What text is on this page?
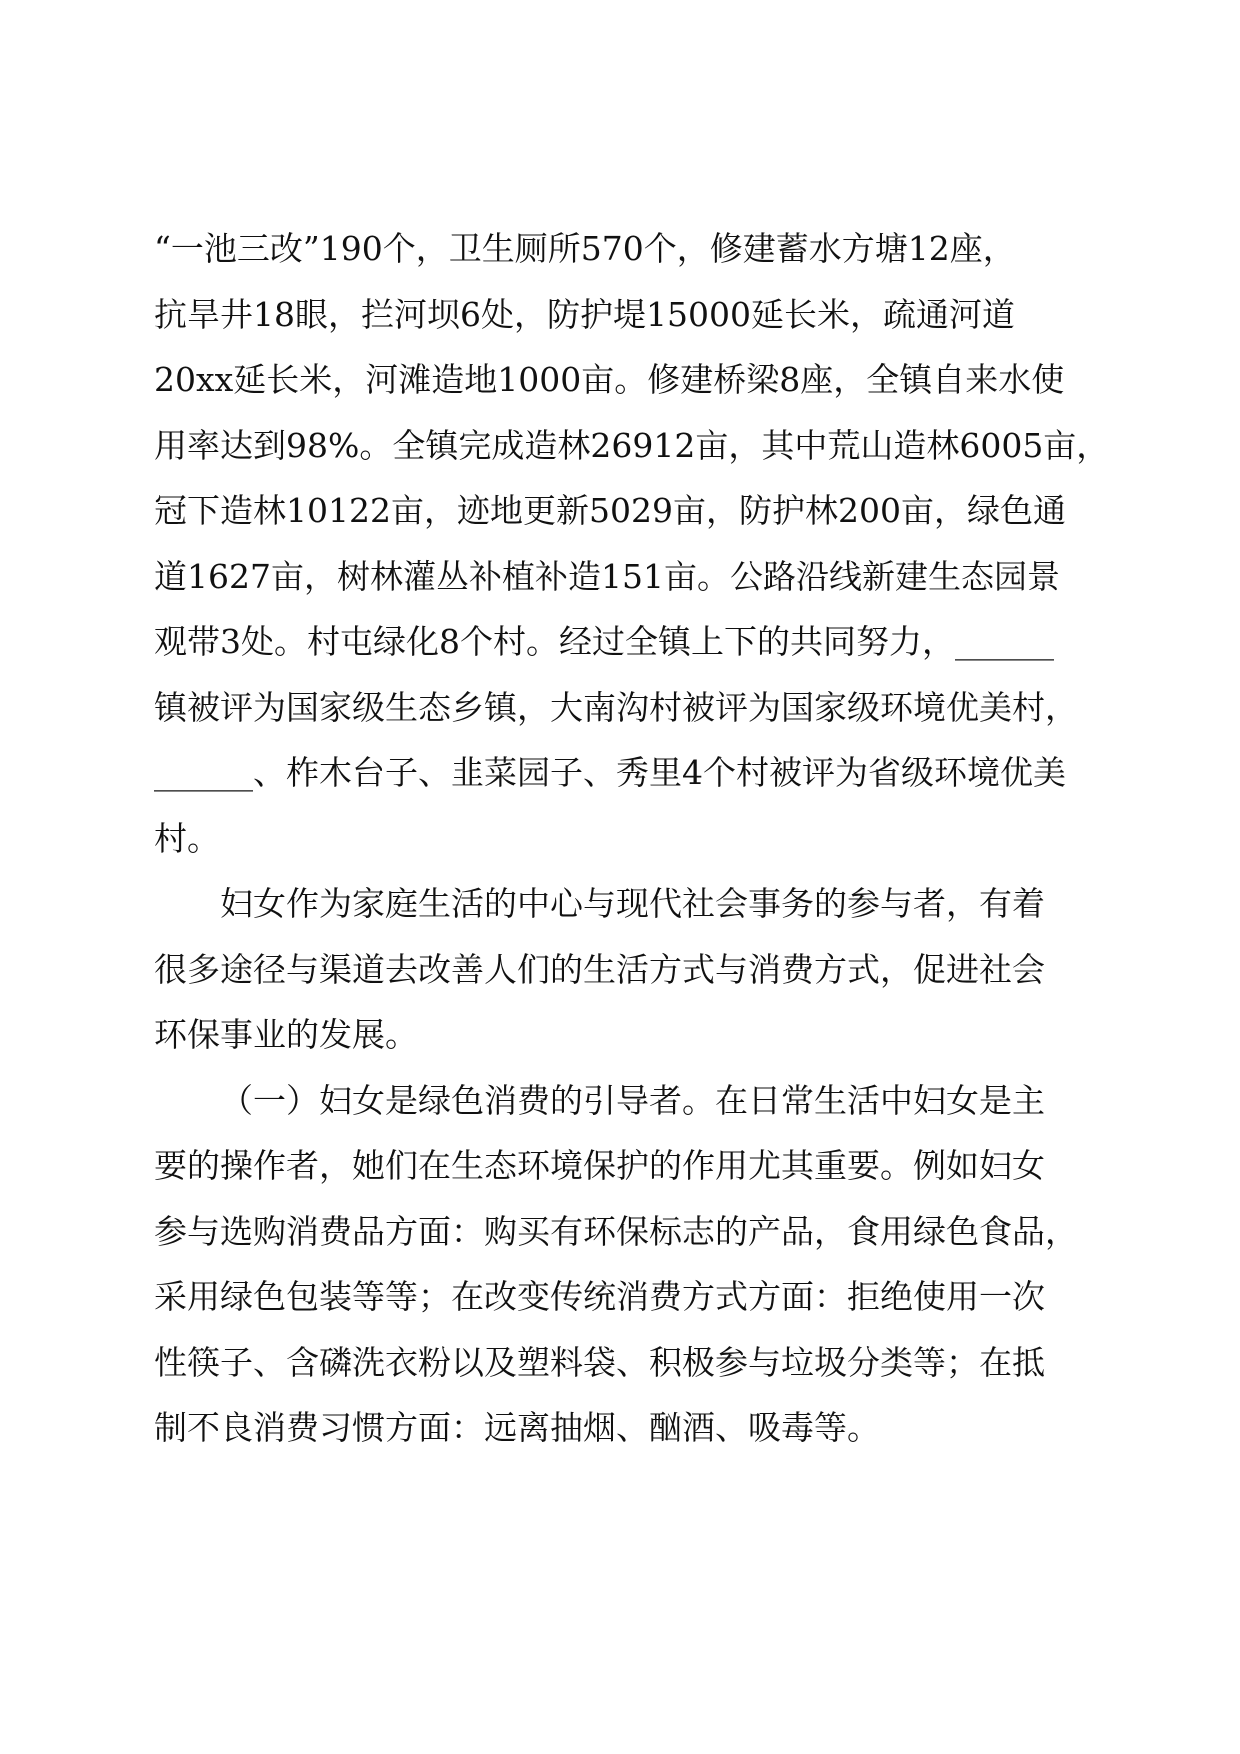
“一池三改”190个，卫生厕所570个，修建蓄水方塘12座，
抗旱井18眼，拦河坝6处，防护堤15000延长米，疏通河道
20xx延长米，河滩造地1000亩。修建桥梁8座，全镇自来水使
用率达到98%。全镇完成造林26912亩，其中荒山造林6005亩，
冠下造林10122亩，迹地更新5029亩，防护林200亩，绿色通
道1627亩，树林灌丛补植补造151亩。公路沿线新建生态园景
观带3处。村屯绿化8个村。经过全镇上下的共同努力，______
镇被评为国家级生态乡镇，大南沟村被评为国家级环境优美村，
______、柞木台子、韭菜园子、秀里4个村被评为省级环境优美
村。
妇女作为家庭生活的中心与现代社会事务的参与者，有着
很多途径与渠道去改善人们的生活方式与消费方式，促进社会
环保事业的发展。
（一）妇女是绿色消费的引导者。在日常生活中妇女是主
要的操作者，她们在生态环境保护的作用尤其重要。例如妇女
参与选购消费品方面：购买有环保标志的产品，食用绿色食品，
采用绿色包装等等；在改变传统消费方式方面：拒绝使用一次
性筷子、含磷洗衣粉以及塑料袋、积极参与垃圾分类等；在抵
制不良消费习惯方面：远离抽烟、酗酒、吸毒等。
